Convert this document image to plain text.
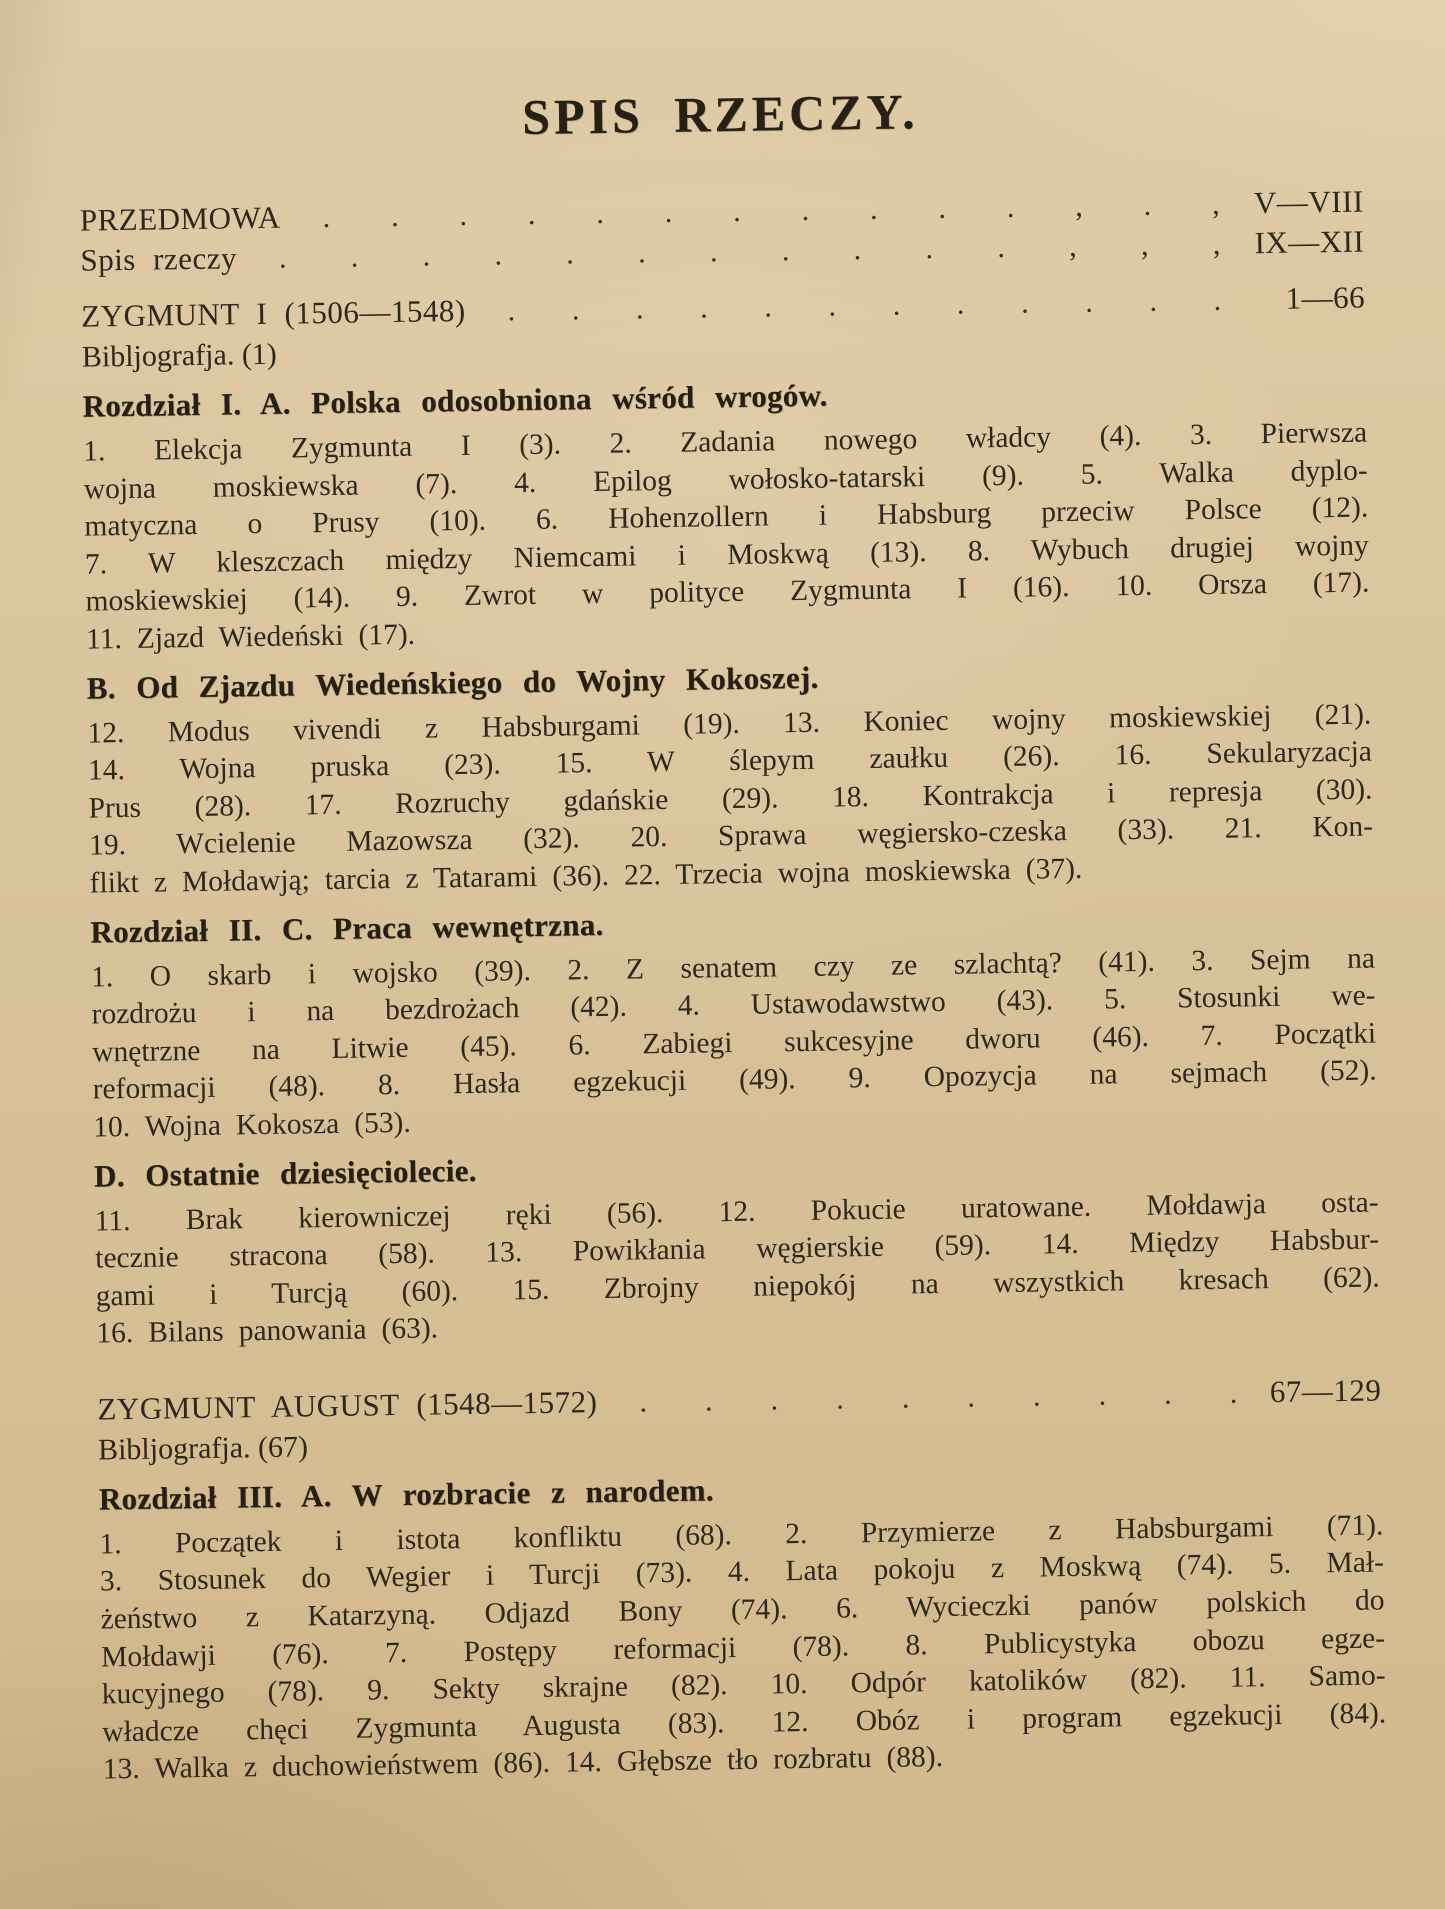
SPIS RZECZY.
PRZEDMOWA . . . . . . . . . . . , . ,	V—VIII
Spis rzeczy . . . . . . . . . . . , , ,	IX—XII
ZYGMUNT I (1506—1548) . . . . . . . . . . . .	1—66
Bibljografja. (1)
Rozdział I. A. Polska odosobniona wśród wrogów.
1. Elekcja Zygmunta I (3). 2. Zadania nowego władcy (4). 3. Pierwsza
wojna moskiewska (7). 4. Epilog wołosko-tatarski (9). 5. Walka dyplo-
matyczna o Prusy (10). 6. Hohenzollern i Habsburg przeciw Polsce (12).
7. W kleszczach między Niemcami i Moskwą (13). 8. Wybuch drugiej wojny
moskiewskiej (14). 9. Zwrot w polityce Zygmunta I (16). 10. Orsza (17).
11. Zjazd Wiedeński (17).
B. Od Zjazdu Wiedeńskiego do Wojny Kokoszej.
12. Modus vivendi z Habsburgami (19). 13. Koniec wojny moskiewskiej (21).
14. Wojna pruska (23). 15. W ślepym zaułku (26). 16. Sekularyzacja
Prus (28). 17. Rozruchy gdańskie (29). 18. Kontrakcja i represja (30).
19. Wcielenie Mazowsza (32). 20. Sprawa węgiersko-czeska (33). 21. Kon-
flikt z Mołdawją; tarcia z Tatarami (36). 22. Trzecia wojna moskiewska (37).
Rozdział II. C. Praca wewnętrzna.
1. O skarb i wojsko (39). 2. Z senatem czy ze szlachtą? (41). 3. Sejm na
rozdrożu i na bezdrożach (42). 4. Ustawodawstwo (43). 5. Stosunki we-
wnętrzne na Litwie (45). 6. Zabiegi sukcesyjne dworu (46). 7. Początki
reformacji (48). 8. Hasła egzekucji (49). 9. Opozycja na sejmach (52).
10. Wojna Kokosza (53).
D. Ostatnie dziesięciolecie.
11. Brak kierowniczej ręki (56). 12. Pokucie uratowane. Mołdawja osta-
tecznie stracona (58). 13. Powikłania węgierskie (59). 14. Między Habsbur-
gami i Turcją (60). 15. Zbrojny niepokój na wszystkich kresach (62).
16. Bilans panowania (63).
ZYGMUNT AUGUST (1548—1572) . . . . . . . . . . 67—129
Bibljografja. (67)
Rozdział III. A. W rozbracie z narodem.
1. Początek i istota konfliktu (68). 2. Przymierze z Habsburgami (71).
3. Stosunek do Wegier i Turcji (73). 4. Lata pokoju z Moskwą (74). 5. Mał-
żeństwo z Katarzyną. Odjazd Bony (74). 6. Wycieczki panów polskich do
Mołdawji (76). 7. Postępy reformacji (78). 8. Publicystyka obozu egze-
kucyjnego (78). 9. Sekty skrajne (82). 10. Odpór katolików (82). 11. Samo-
władcze chęci Zygmunta Augusta (83). 12. Obóz i program egzekucji (84).
13. Walka z duchowieństwem (86). 14. Głębsze tło rozbratu (88).
